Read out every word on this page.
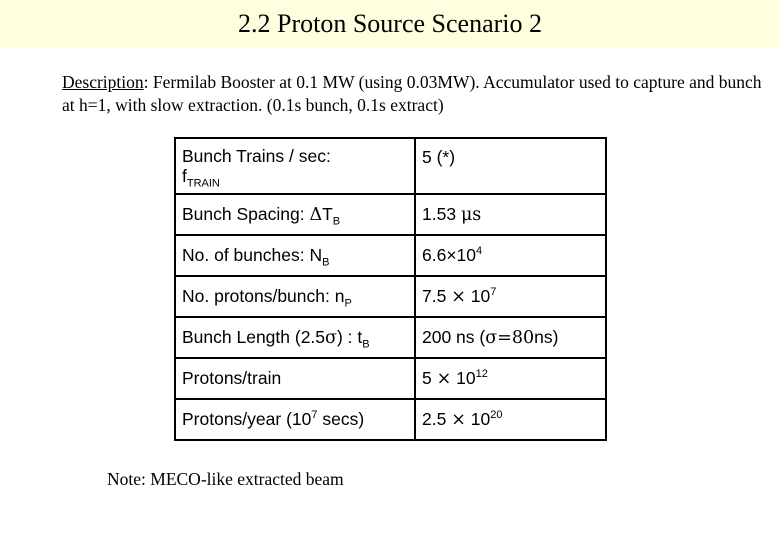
2.2 Proton Source Scenario 2
Description: Fermilab Booster at 0.1 MW (using 0.03MW). Accumulator used to capture and bunch at h=1, with slow extraction. (0.1s bunch, 0.1s extract)
Bunch Trains / sec:
$f_{TRAIN}$	5 (*)
Bunch Spacing: $\Delta T_B$	1.53 μs
No. of bunches: $N_B$	$6.6\times 10^4$
No. protons/bunch: $n_P$	$7.5 \times 10^7$
Bunch Length (2.5σ) : $t_B$	200 ns (σ=80ns)
Protons/train	$5 \times 10^{12}$
Protons/year ($10^7$ secs)	$2.5 \times 10^{20}$
Note: MECO-like extracted beam
